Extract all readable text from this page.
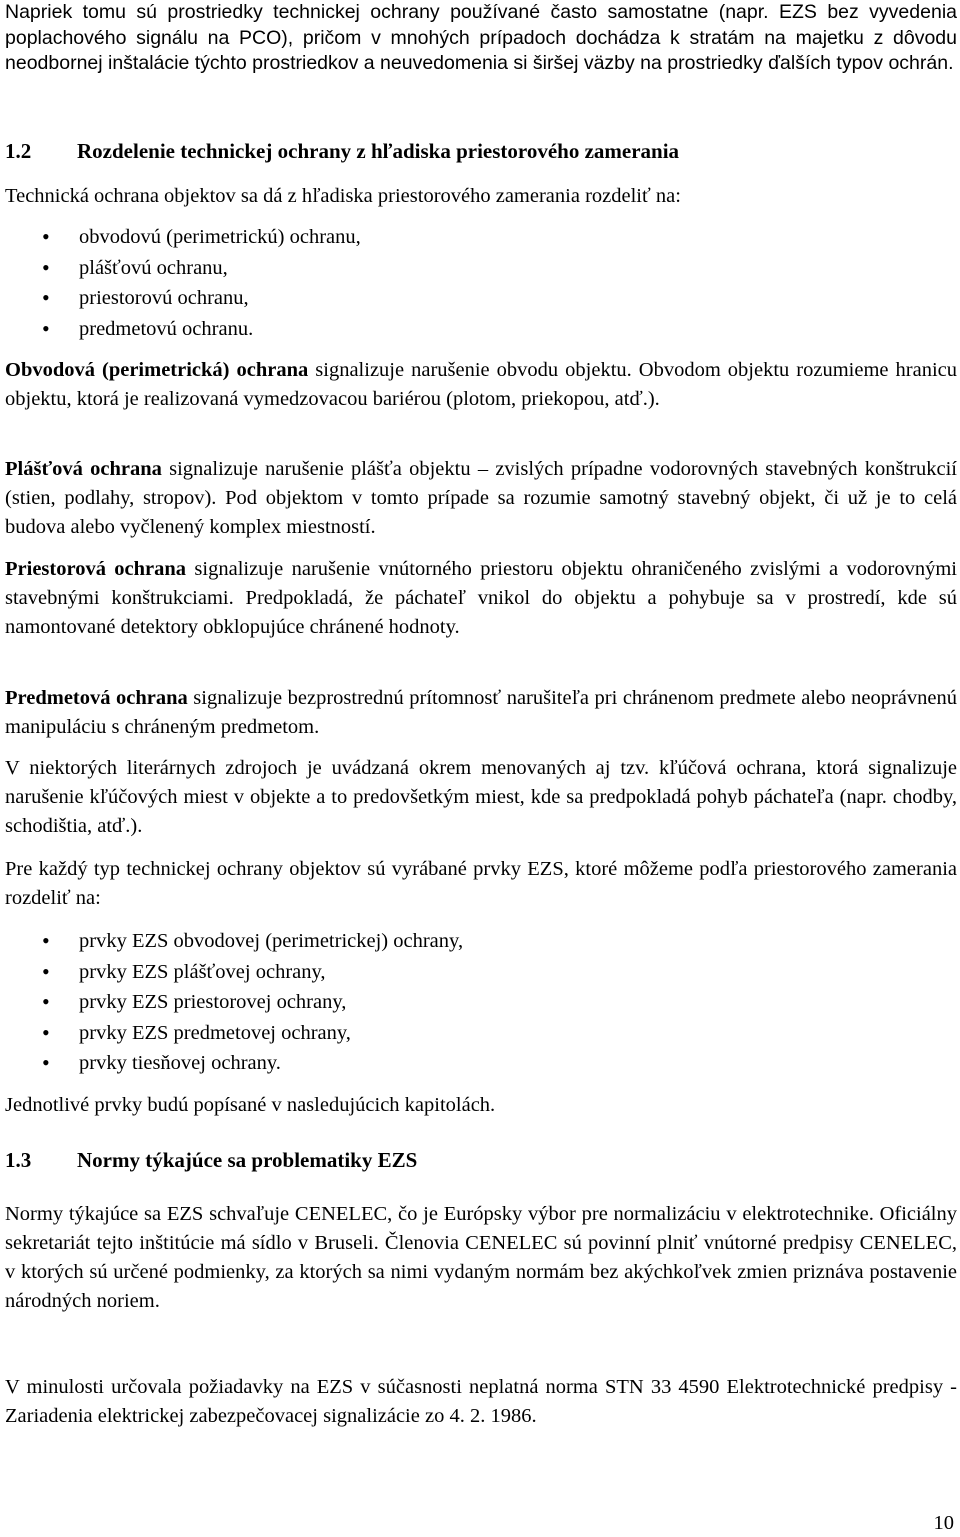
Napriek tomu sú prostriedky technickej ochrany používané často samostatne (napr. EZS bez vyvedenia poplachového signálu na PCO), pričom v mnohých prípadoch dochádza k stratám na majetku z dôvodu neodbornej inštalácie týchto prostriedkov a neuvedomenia si širšej väzby na prostriedky ďalších typov ochrán.

1.2	Rozdelenie technickej ochrany z hľadiska priestorového zamerania

Technická ochrana objektov sa dá z hľadiska priestorového zamerania rozdeliť na:

• obvodovú (perimetrickú) ochranu,
• plášťovú ochranu,
• priestorovú ochranu,
• predmetovú ochranu.

Obvodová (perimetrická) ochrana signalizuje narušenie obvodu objektu. Obvodom objektu rozumieme hranicu objektu, ktorá je realizovaná vymedzovacou bariérou (plotom, priekopou, atď.).

Plášťová ochrana signalizuje narušenie plášťa objektu – zvislých prípadne vodorovných stavebných konštrukcií (stien, podlahy, stropov). Pod objektom v tomto prípade sa rozumie samotný stavebný objekt, či už je to celá budova alebo vyčlenený komplex miestností.

Priestorová ochrana signalizuje narušenie vnútorného priestoru objektu ohraničeného zvislými a vodorovnými stavebnými konštrukciami. Predpokladá, že páchateľ vnikol do objektu a pohybuje sa v prostredí, kde sú namontované detektory obklopujúce chránené hodnoty.

Predmetová ochrana signalizuje bezprostrednú prítomnosť narušiteľa pri chránenom predmete alebo neoprávnenú manipuláciu s chráneným predmetom.

V niektorých literárnych zdrojoch je uvádzaná okrem menovaných aj tzv. kľúčová ochrana, ktorá signalizuje narušenie kľúčových miest v objekte a to predovšetkým miest, kde sa predpokladá pohyb páchateľa (napr. chodby, schodištia, atď.).

Pre každý typ technickej ochrany objektov sú vyrábané prvky EZS, ktoré môžeme podľa priestorového zamerania rozdeliť na:

• prvky EZS obvodovej (perimetrickej) ochrany,
• prvky EZS plášťovej ochrany,
• prvky EZS priestorovej ochrany,
• prvky EZS predmetovej ochrany,
• prvky tiesňovej ochrany.

Jednotlivé prvky budú popísané v nasledujúcich kapitolách.

1.3	Normy týkajúce sa problematiky EZS

Normy týkajúce sa EZS schvaľuje CENELEC, čo je Európsky výbor pre normalizáciu v elektrotechnike. Oficiálny sekretariát tejto inštitúcie má sídlo v Bruseli. Členovia CENELEC sú povinní plniť vnútorné predpisy CENELEC, v ktorých sú určené podmienky, za ktorých sa nimi vydaným normám bez akýchkoľvek zmien priznáva postavenie národných noriem.

V minulosti určovala požiadavky na EZS v súčasnosti neplatná norma STN 33 4590 Elektrotechnické predpisy - Zariadenia elektrickej zabezpečovacej signalizácie zo 4. 2. 1986.

10
